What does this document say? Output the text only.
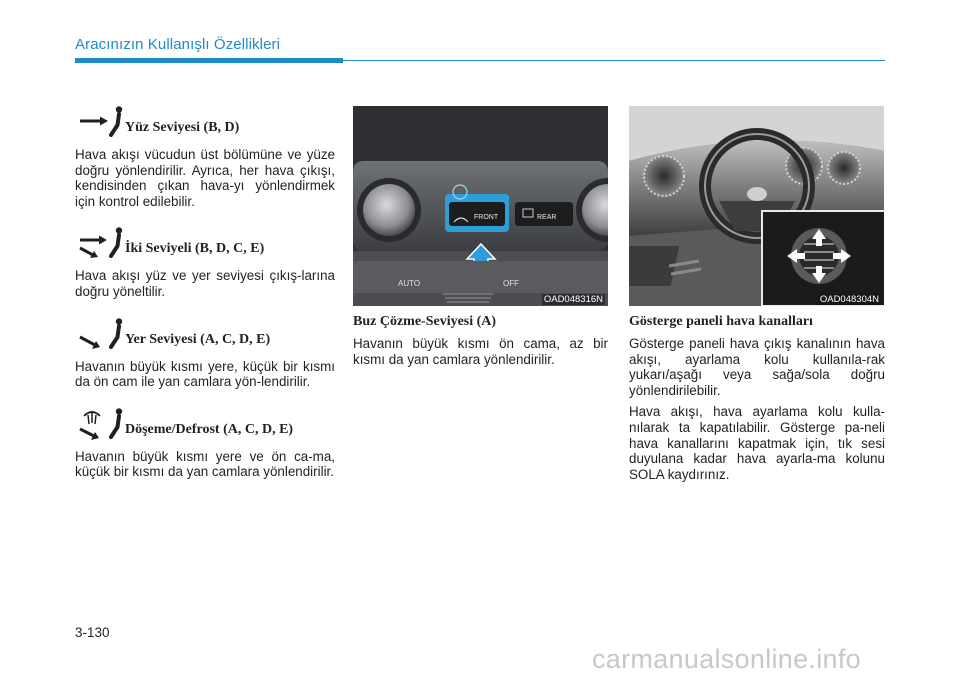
Aracınızın Kullanışlı Özellikleri
Yüz Seviyesi (B, D)

Hava akışı vücudun üst bölümüne ve yüze doğru yönlendirilir. Ayrıca, her hava çıkışı, kendisinden çıkan hava-yı yönlendirmek için kontrol edilebilir.

İki Seviyeli (B, D, C, E)

Hava akışı yüz ve yer seviyesi çıkış-larına doğru yöneltilir.

Yer Seviyesi (A, C, D, E)

Havanın büyük kısmı yere, küçük bir kısmı da ön cam ile yan camlara yön-lendirilir.

Döşeme/Defrost (A, C, D, E)

Havanın büyük kısmı yere ve ön ca-ma, küçük bir kısmı da yan camlara yönlendirilir.

FRONT	REAR
AUTO	OFF
OAD048316N
Buz Çözme-Seviyesi (A)

Havanın büyük kısmı ön cama, az bir kısmı da yan camlara yönlendirilir.

OAD048304N
Gösterge paneli hava kanalları

Gösterge paneli hava çıkış kanalının hava akışı, ayarlama kolu kullanıla-rak yukarı/aşağı veya sağa/sola doğru yönlendirilebilir.

Hava akışı, hava ayarlama kolu kulla-nılarak ta kapatılabilir. Gösterge pa-neli hava kanallarını kapatmak için, tık sesi duyulana kadar hava ayarla-ma kolunu SOLA kaydırınız.

3-130
carmanualsonline.info
